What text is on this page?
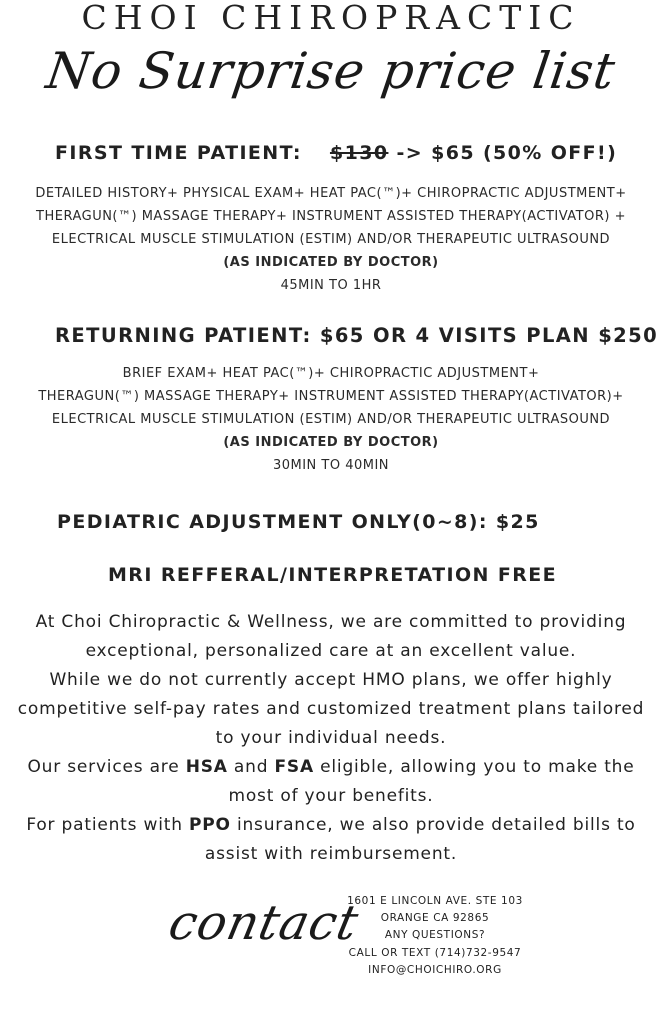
CHOI CHIROPRACTIC
No Surprise price list
FIRST TIME PATIENT: $130 -> $65 (50% OFF!)
DETAILED HISTORY+ PHYSICAL EXAM+ HEAT PAC(™)+ CHIROPRACTIC ADJUSTMENT+
THERAGUN(™) MASSAGE THERAPY+ INSTRUMENT ASSISTED THERAPY(ACTIVATOR) +
ELECTRICAL MUSCLE STIMULATION (ESTIM) AND/OR THERAPEUTIC ULTRASOUND
(AS INDICATED BY DOCTOR)
45MIN TO 1HR
RETURNING PATIENT: $65 OR 4 VISITS PLAN $250
BRIEF EXAM+ HEAT PAC(™)+ CHIROPRACTIC ADJUSTMENT+
THERAGUN(™) MASSAGE THERAPY+ INSTRUMENT ASSISTED THERAPY(ACTIVATOR)+
ELECTRICAL MUSCLE STIMULATION (ESTIM) AND/OR THERAPEUTIC ULTRASOUND
(AS INDICATED BY DOCTOR)
30MIN TO 40MIN
PEDIATRIC ADJUSTMENT ONLY(0~8): $25
MRI REFFERAL/INTERPRETATION FREE
At Choi Chiropractic & Wellness, we are committed to providing
exceptional, personalized care at an excellent value.
While we do not currently accept HMO plans, we offer highly
competitive self-pay rates and customized treatment plans tailored
to your individual needs.
Our services are HSA and FSA eligible, allowing you to make the
most of your benefits.
For patients with PPO insurance, we also provide detailed bills to
assist with reimbursement.
contact
1601 E LINCOLN AVE. STE 103
ORANGE CA 92865
ANY QUESTIONS?
CALL OR TEXT (714)732-9547
INFO@CHOICHIRO.ORG
